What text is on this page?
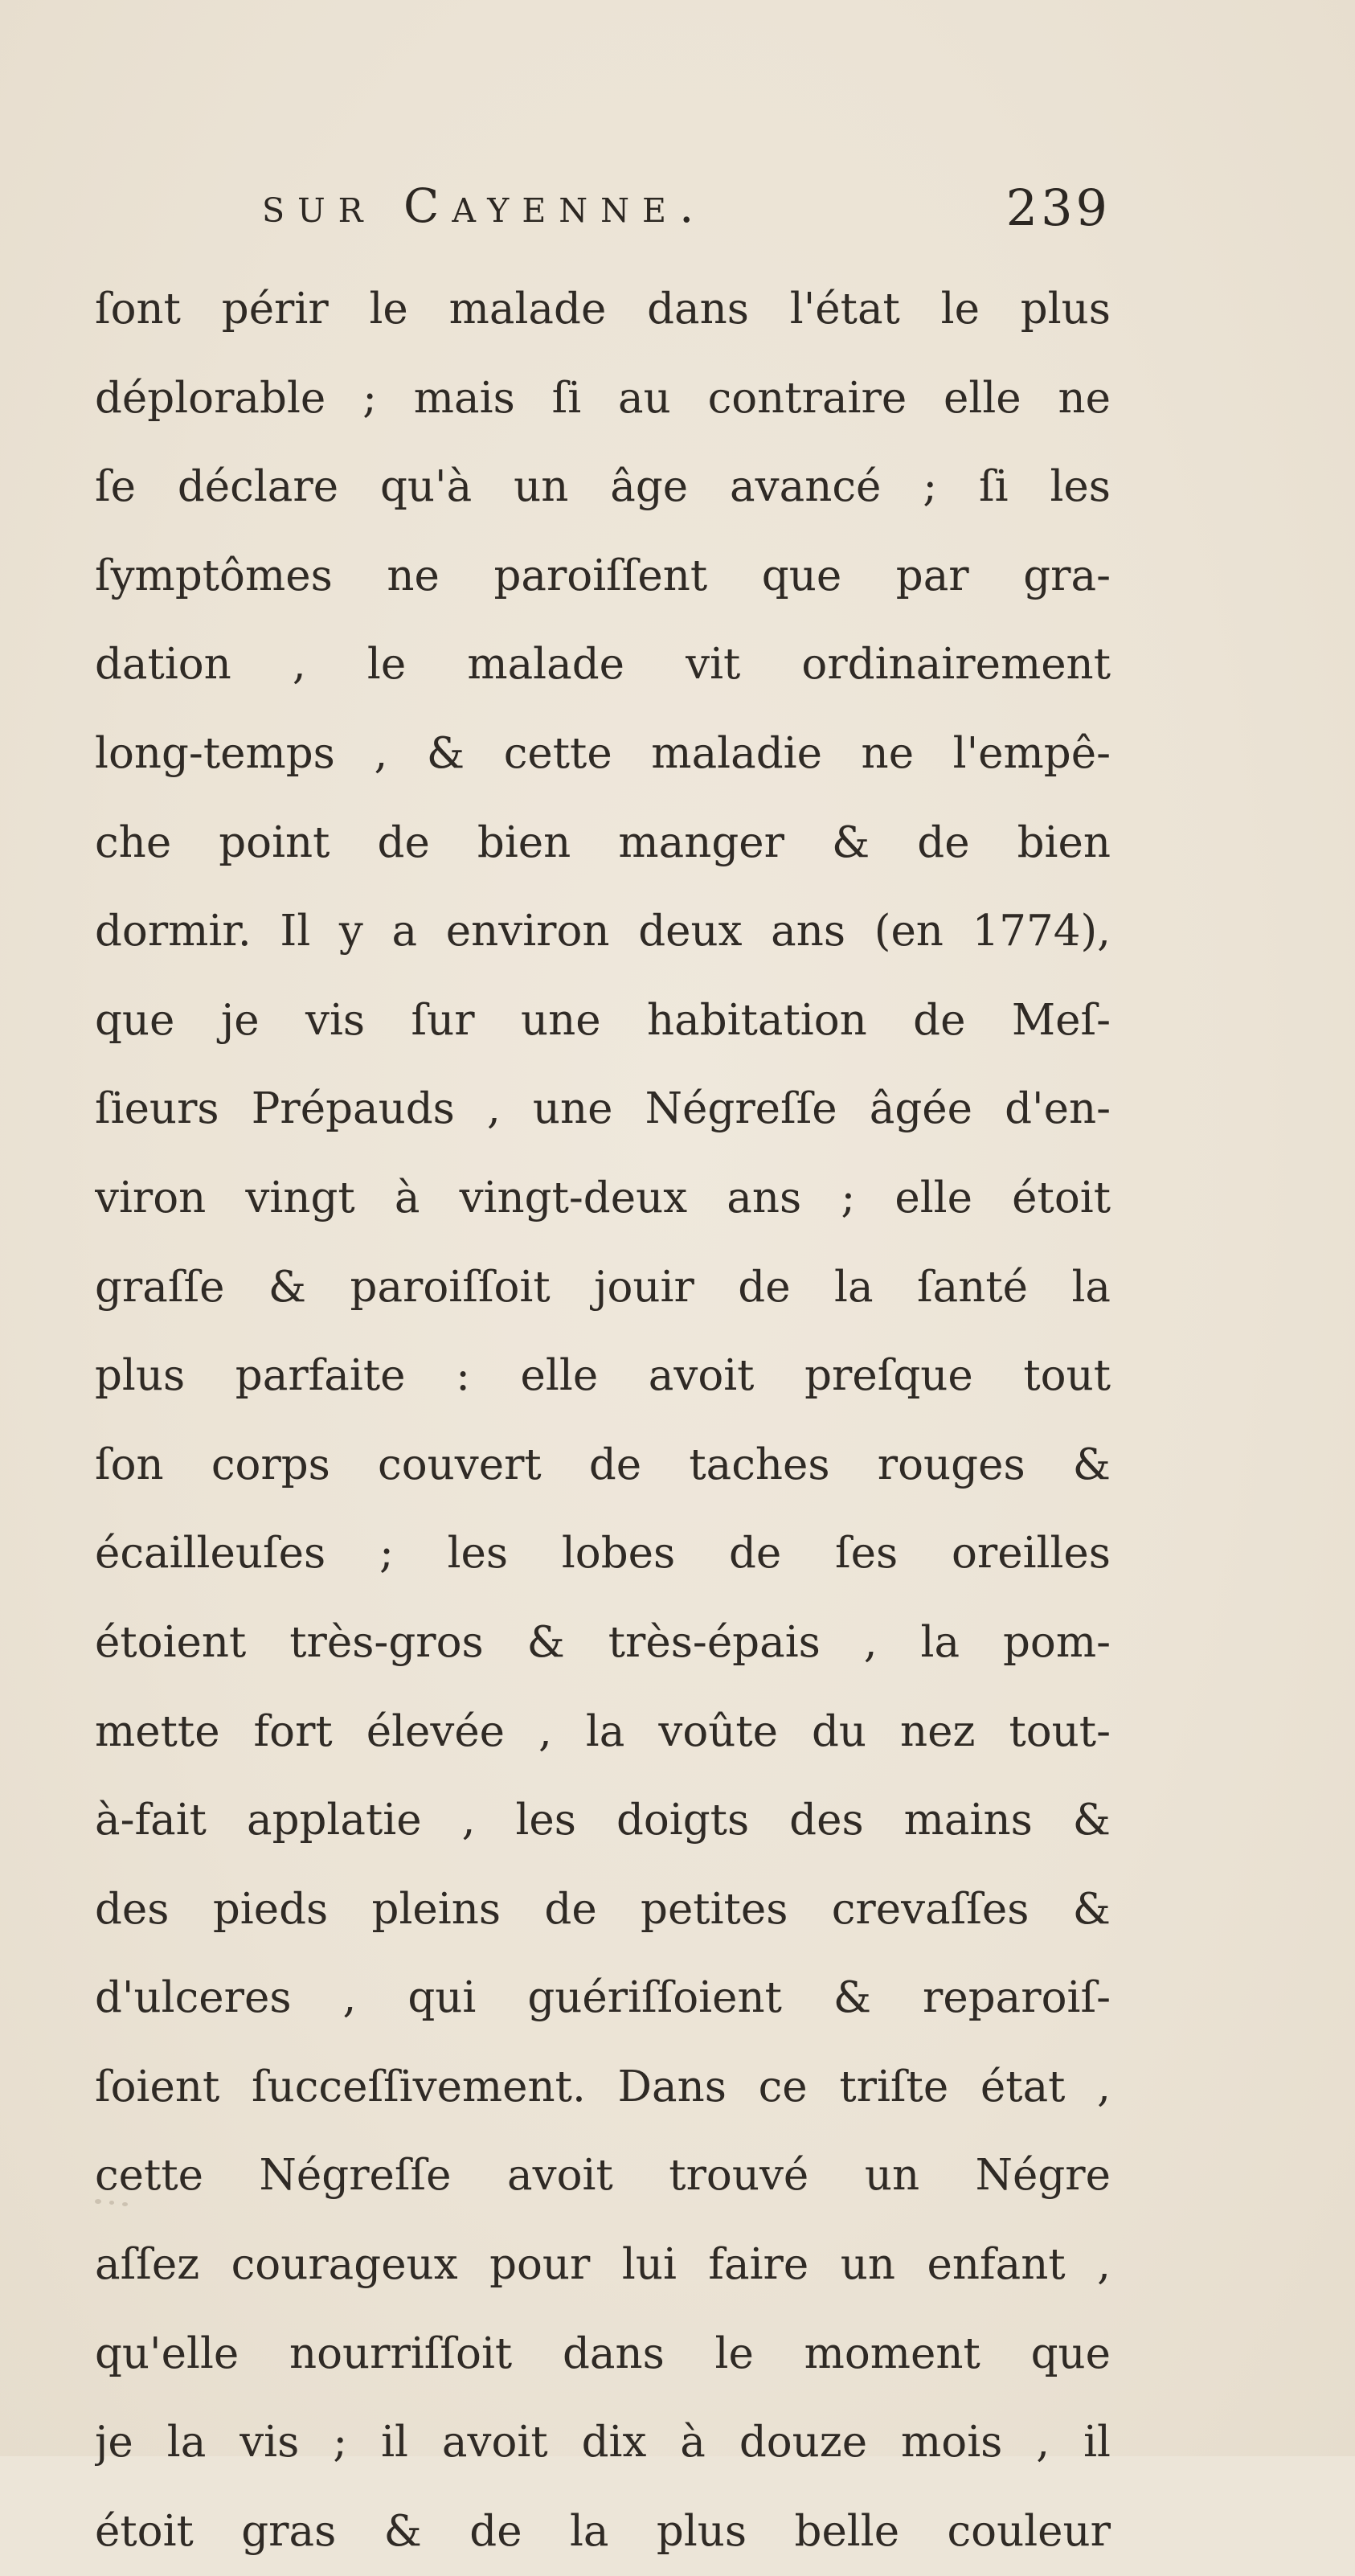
sur Cayenne.	239
ſont périr le malade dans l'état le plus
déplorable ; mais ſi au contraire elle ne
ſe déclare qu'à un âge avancé ; ſi les
ſymptômes ne paroiſſent que par gra-
dation , le malade vit ordinairement
long-temps , & cette maladie ne l'empê-
che point de bien manger & de bien
dormir. Il y a environ deux ans (en 1774),
que je vis ſur une habitation de Meſ-
ſieurs Prépauds , une Négreſſe âgée d'en-
viron vingt à vingt-deux ans ; elle étoit
graſſe & paroiſſoit jouir de la ſanté la
plus parfaite : elle avoit preſque tout
ſon corps couvert de taches rouges &
écailleuſes ; les lobes de ſes oreilles
étoient très-gros & très-épais , la pom-
mette fort élevée , la voûte du nez tout-
à-fait applatie , les doigts des mains &
des pieds pleins de petites crevaſſes &
d'ulceres , qui guériſſoient & reparoiſ-
ſoient ſucceſſivement. Dans ce triſte état ,
cette Négreſſe avoit trouvé un Négre
aſſez courageux pour lui faire un enfant ,
qu'elle nourriſſoit dans le moment que
je la vis ; il avoit dix à douze mois , il
étoit gras & de la plus belle couleur
